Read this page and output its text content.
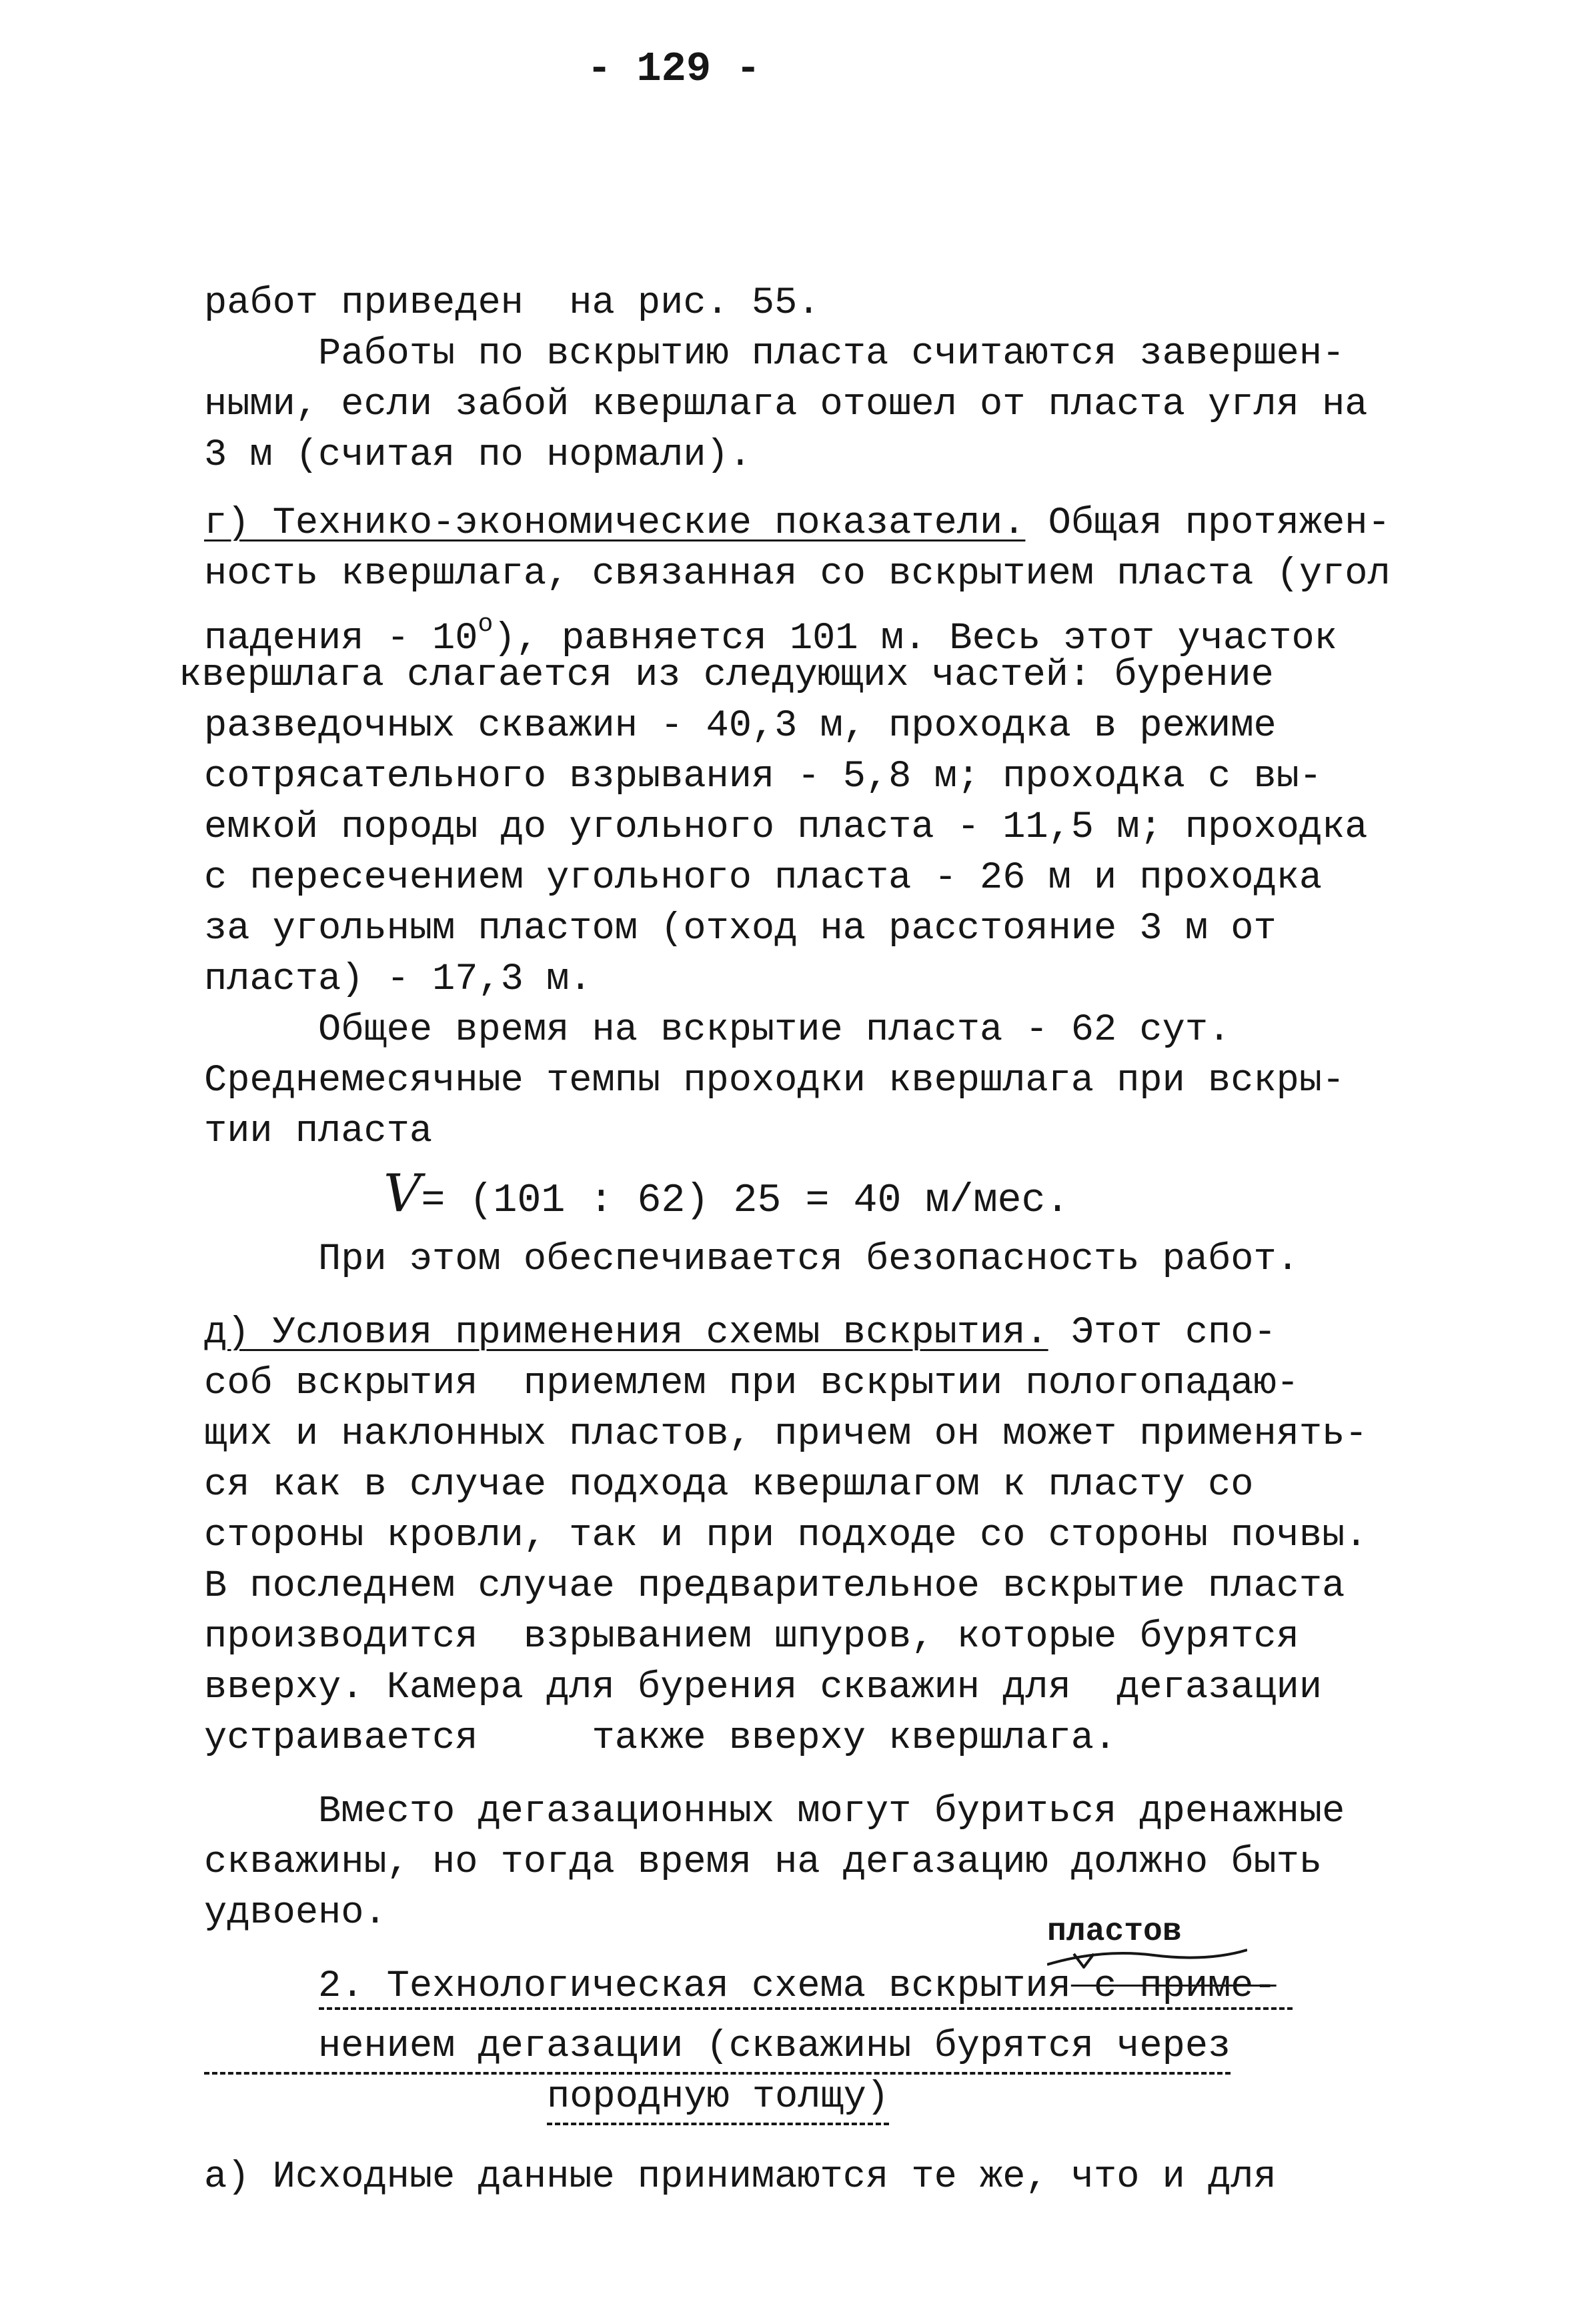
- 129 -
работ приведен  на рис. 55.
Работы по вскрытию пласта считаются завершен-
ными, если забой квершлага отошел от пласта угля на
3 м (считая по нормали).
г) Технико-экономические показатели. Общая протяжен-
ность квершлага, связанная со вскрытием пласта (угол
падения - $10^о$), равняется 101 м. Весь этот участок
квершлага слагается из следующих частей: бурение
разведочных скважин - 40,3 м, проходка в режиме
сотрясательного взрывания - 5,8 м; проходка с вы-
емкой породы до угольного пласта - 11,5 м; проходка
с пересечением угольного пласта - 26 м и проходка
за угольным пластом (отход на расстояние 3 м от
пласта) - 17,3 м.
Общее время на вскрытие пласта - 62 сут.
Среднемесячные темпы проходки квершлага при вскры-
тии пласта
V= (101 : 62) 25 = 40 м/мес.
При этом обеспечивается безопасность работ.
д) Условия применения схемы вскрытия. Этот спо-
соб вскрытия  приемлем при вскрытии пологопадаю-
щих и наклонных пластов, причем он может применять-
ся как в случае подхода квершлагом к пласту со
стороны кровли, так и при подходе со стороны почвы.
В последнем случае предварительное вскрытие пласта
производится  взрыванием шпуров, которые бурятся
вверху. Камера для бурения скважин для  дегазации
устраивается     также вверху квершлага.
Вместо дегазационных могут буриться дренажные
скважины, но тогда время на дегазацию должно быть
удвоено.	пластов
2. Технологическая схема вскрытия с приме-
нением дегазации (скважины бурятся через
породную толщу)
а) Исходные данные принимаются те же, что и для
